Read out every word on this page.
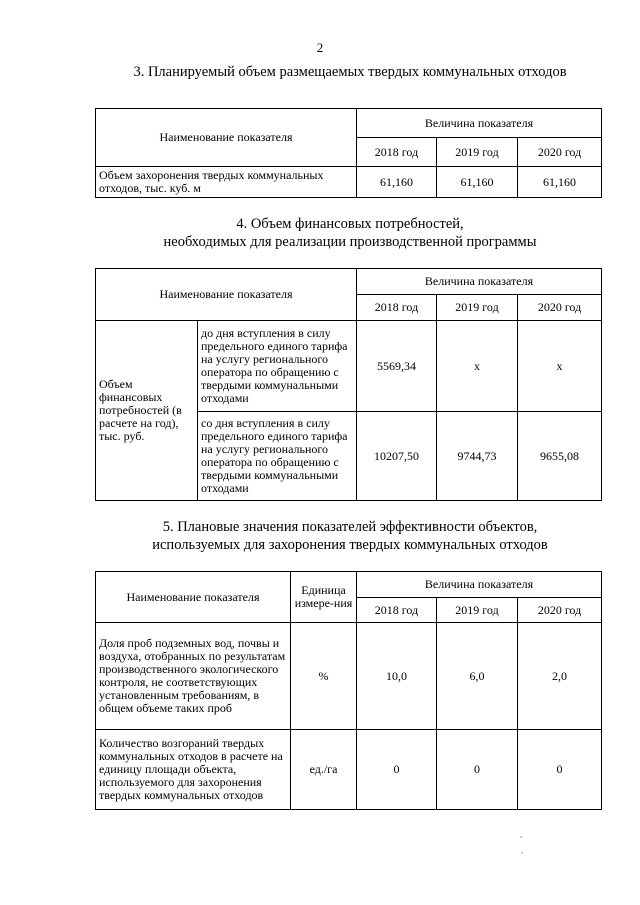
2
3. Планируемый объем размещаемых твердых коммунальных отходов
Наименование показателя	Величина показателя		
	2018 год	2019 год	2020 год
Объем захоронения твердых коммунальных отходов, тыс. куб. м	61,160	61,160	61,160
4. Объем финансовых потребностей,
необходимых для реализации производственной программы
Наименование показателя		Величина показателя		
		2018 год	2019 год	2020 год
Объем финансовых потребностей (в расчете на год), тыс. руб.	до дня вступления в силу предельного единого тарифа на услугу регионального оператора по обращению с твердыми коммунальными отходами	5569,34	х	х
	со дня вступления в силу предельного единого тарифа на услугу регионального оператора по обращению с твердыми коммунальными отходами	10207,50	9744,73	9655,08
5. Плановые значения показателей эффективности объектов,
используемых для захоронения твердых коммунальных отходов
Наименование показателя	Единица измере-ния	Величина показателя		
		2018 год	2019 год	2020 год
Доля проб подземных вод, почвы и воздуха, отобранных по результатам производственного экологического контроля, не соответствующих установленным требованиям, в общем объеме таких проб	%	10,0	6,0	2,0
Количество возгораний твердых коммунальных отходов в расчете на единицу площади объекта, используемого для захоронения твердых коммунальных отходов	ед./га	0	0	0
